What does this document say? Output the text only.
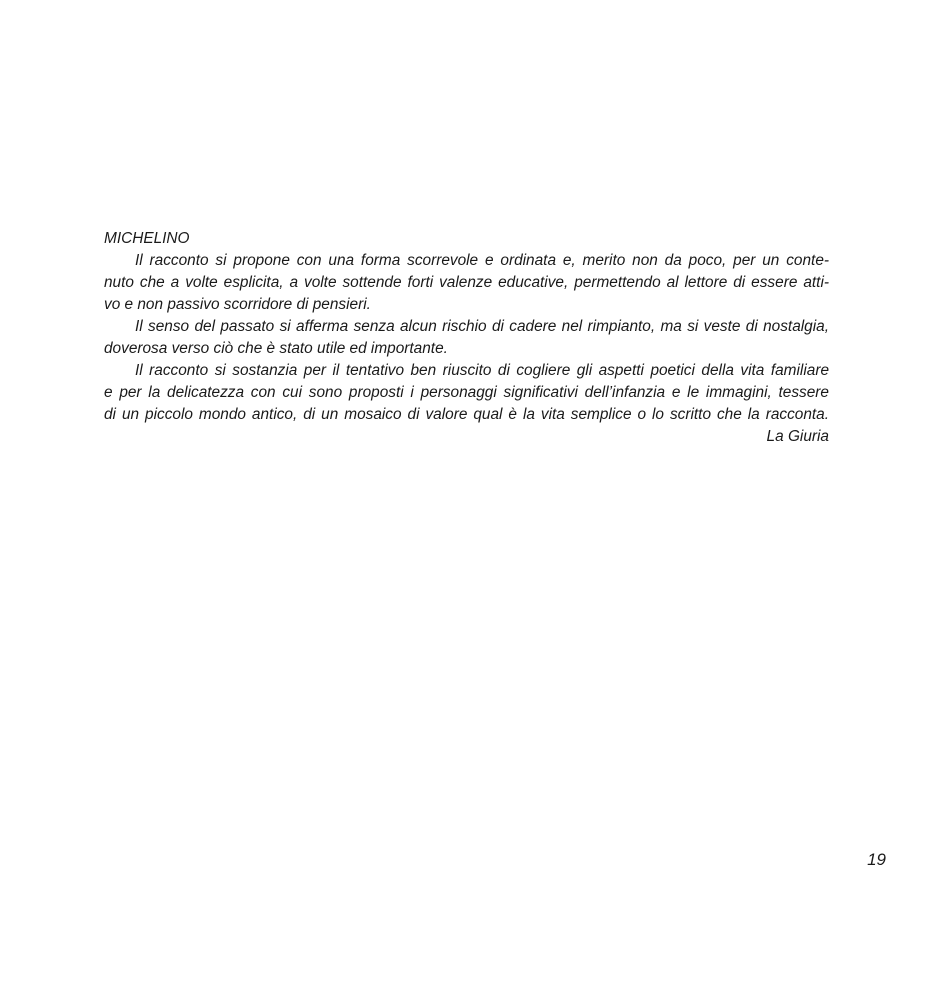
MICHELINO
Il racconto si propone con una forma scorrevole e ordinata e, merito non da poco, per un conte-
nuto che a volte esplicita, a volte sottende forti valenze educative, permettendo al lettore di essere atti-
vo e non passivo scorridore di pensieri.
Il senso del passato si afferma senza alcun rischio di cadere nel rimpianto, ma si veste di nostalgia,
doverosa verso ciò che è stato utile ed importante.
Il racconto si sostanzia per il tentativo ben riuscito di cogliere gli aspetti poetici della vita familiare
e per la delicatezza con cui sono proposti i personaggi significativi dell’infanzia e le immagini, tessere
di un piccolo mondo antico, di un mosaico di valore qual è la vita semplice o lo scritto che la racconta.
La Giuria
19
